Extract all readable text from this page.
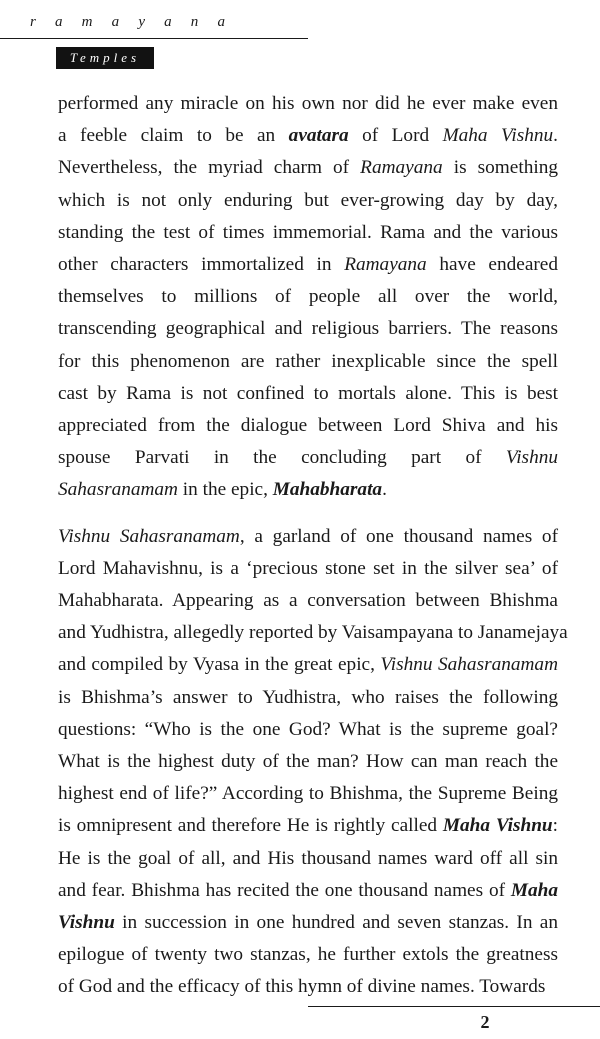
r a m a y a n a
Temples

performed any miracle on his own nor did he ever make even
a feeble claim to be an avatara of Lord Maha Vishnu.
Nevertheless, the myriad charm of Ramayana is something
which is not only enduring but ever-growing day by day,
standing the test of times immemorial. Rama and the various
other characters immortalized in Ramayana have endeared
themselves to millions of people all over the world,
transcending geographical and religious barriers. The reasons
for this phenomenon are rather inexplicable since the spell
cast by Rama is not confined to mortals alone. This is best
appreciated from the dialogue between Lord Shiva and his
spouse Parvati in the concluding part of Vishnu
Sahasranamam in the epic, Mahabharata.

Vishnu Sahasranamam, a garland of one thousand names of
Lord Mahavishnu, is a ‘precious stone set in the silver sea’ of
Mahabharata. Appearing as a conversation between Bhishma
and Yudhistra, allegedly reported by Vaisampayana to Janamejaya
and compiled by Vyasa in the great epic, Vishnu Sahasranamam
is Bhishma’s answer to Yudhistra, who raises the following
questions: “Who is the one God? What is the supreme goal?
What is the highest duty of the man? How can man reach the
highest end of life?” According to Bhishma, the Supreme Being
is omnipresent and therefore He is rightly called Maha Vishnu:
He is the goal of all, and His thousand names ward off all sin
and fear. Bhishma has recited the one thousand names of Maha
Vishnu in succession in one hundred and seven stanzas. In an
epilogue of twenty two stanzas, he further extols the greatness
of God and the efficacy of this hymn of divine names. Towards

2
